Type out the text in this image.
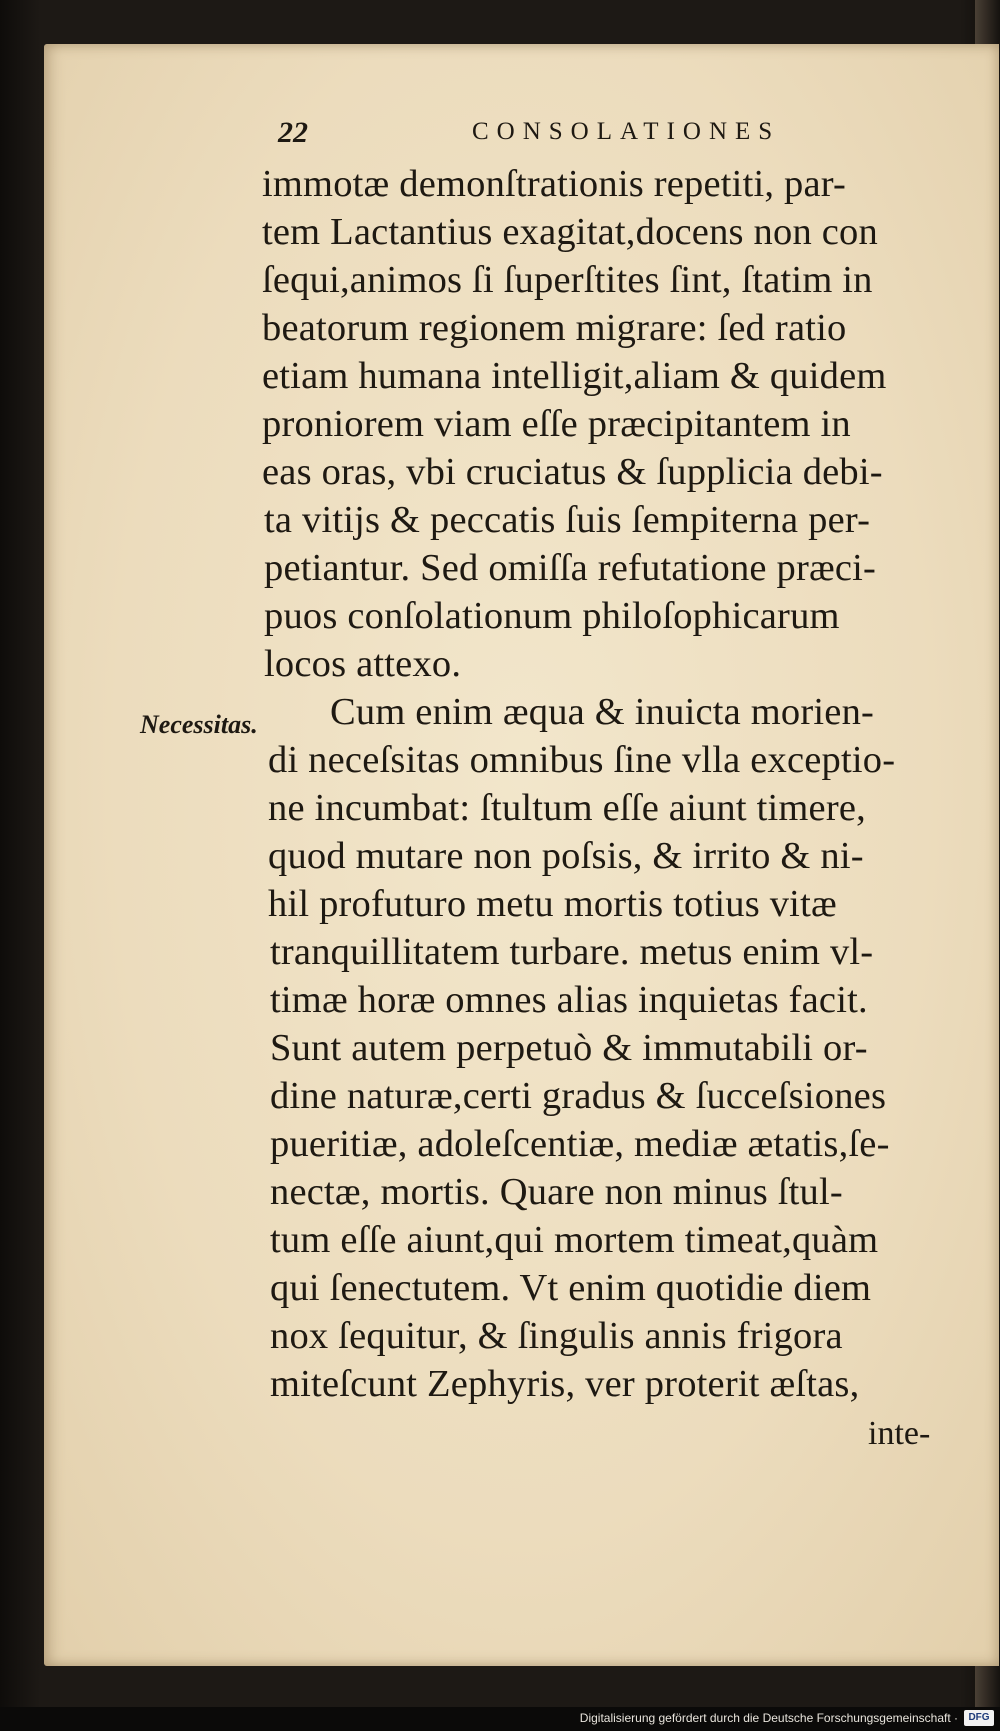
22	CONSOLATIONES
Necessitas.
immotæ demonſtrationis repetiti, par-
tem Lactantius exagitat,docens non con
ſequi,animos ſi ſuperſtites ſint, ſtatim in
beatorum regionem migrare: ſed ratio
etiam humana intelligit,aliam & quidem
proniorem viam eſſe præcipitantem in
eas oras, vbi cruciatus & ſupplicia debi-
ta vitijs & peccatis ſuis ſempiterna per-
petiantur. Sed omiſſa refutatione præci-
puos conſolationum philoſophicarum
locos attexo.
Cum enim æqua & inuicta morien-
di neceſsitas omnibus ſine vlla exceptio-
ne incumbat: ſtultum eſſe aiunt timere,
quod mutare non poſsis, & irrito & ni-
hil profuturo metu mortis totius vitæ
tranquillitatem turbare. metus enim vl-
timæ horæ omnes alias inquietas facit.
Sunt autem perpetuò & immutabili or-
dine naturæ,certi gradus & ſucceſsiones
pueritiæ, adoleſcentiæ, mediæ ætatis,ſe-
nectæ, mortis. Quare non minus ſtul-
tum eſſe aiunt,qui mortem timeat,quàm
qui ſenectutem. Vt enim quotidie diem
nox ſequitur, & ſingulis annis frigora
miteſcunt Zephyris, ver proterit æſtas,
inte-
Digitalisierung gefördert durch die Deutsche Forschungsgemeinschaft ·	DFG
